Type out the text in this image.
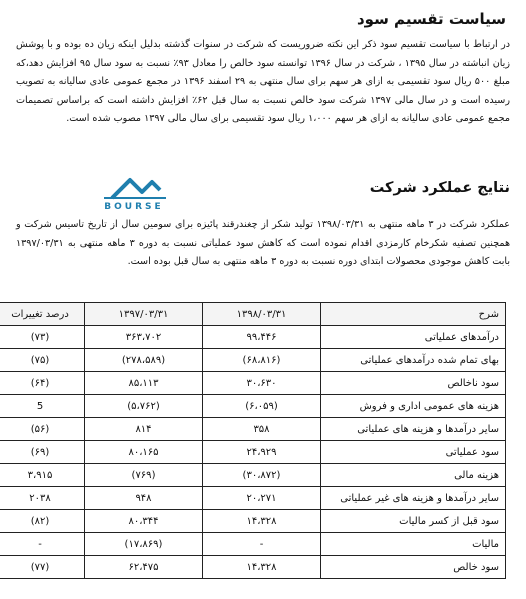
سیاست تقسیم سود
در ارتباط با سیاست تقسیم سود ذکر این نکته ضروریست که شرکت در سنوات گذشته بدلیل اینکه زیان ده بوده و با پوشش زیان انباشته در سال ۱۳۹۵ ، شرکت در سال ۱۳۹۶ توانسته سود خالص را معادل ۹۳٪ نسبت به سود سال ۹۵ افزایش دهد،که مبلغ ۵۰۰ ریال سود تقسیمی به ازای هر سهم برای سال منتهی به ۲۹ اسفند ۱۳۹۶ در مجمع عمومی عادی سالیانه به تصویب رسیده است و در سال مالی ۱۳۹۷ شرکت سود خالص نسبت به سال قبل ۶۲٪ افزایش داشته است که براساس تصمیمات مجمع عمومی عادی سالیانه به ازای هر سهم ۱،۰۰۰ ریال سود تقسیمی برای سال مالی ۱۳۹۷ مصوب شده است.
BOURSE
نتایج عملکرد شرکت
عملکرد شرکت در ۳ ماهه منتهی به ۱۳۹۸/۰۳/۳۱ تولید شکر از چغندرقند پائیزه برای سومین سال از تاریخ تاسیس شرکت و همچنین تصفیه شکرخام کارمزدی اقدام نموده است که کاهش سود عملیاتی نسبت به دوره ۳ ماهه منتهی به ۱۳۹۷/۰۳/۳۱ بابت کاهش موجودی محصولات ابتدای دوره نسبت به دوره ۳ ماهه منتهی به سال قبل بوده است.
شرح	۱۳۹۸/۰۳/۳۱	۱۳۹۷/۰۳/۳۱	درصد تغییرات
درآمدهای عملیاتی	۹۹،۴۴۶	۳۶۳،۷۰۲	(۷۳)
بهای تمام شده درآمدهای عملیاتی	(۶۸،۸۱۶)	(۲۷۸،۵۸۹)	(۷۵)
سود ناخالص	۳۰،۶۳۰	۸۵،۱۱۳	(۶۴)
هزینه های عمومی اداری و فروش	(۶،۰۵۹)	(۵،۷۶۲)	5
سایر درآمدها و هزینه های عملیاتی	۳۵۸	۸۱۴	(۵۶)
سود عملیاتی	۲۴،۹۲۹	۸۰،۱۶۵	(۶۹)
هزینه مالی	(۳۰،۸۷۲)	(۷۶۹)	۳،۹۱۵
سایر درآمدها و هزینه های غیر عملیاتی	۲۰،۲۷۱	۹۴۸	۲۰۳۸
سود قبل از کسر مالیات	۱۴،۳۲۸	۸۰،۳۴۴	(۸۲)
مالیات	-	(۱۷،۸۶۹)	-
سود خالص	۱۴،۳۲۸	۶۲،۴۷۵	(۷۷)
